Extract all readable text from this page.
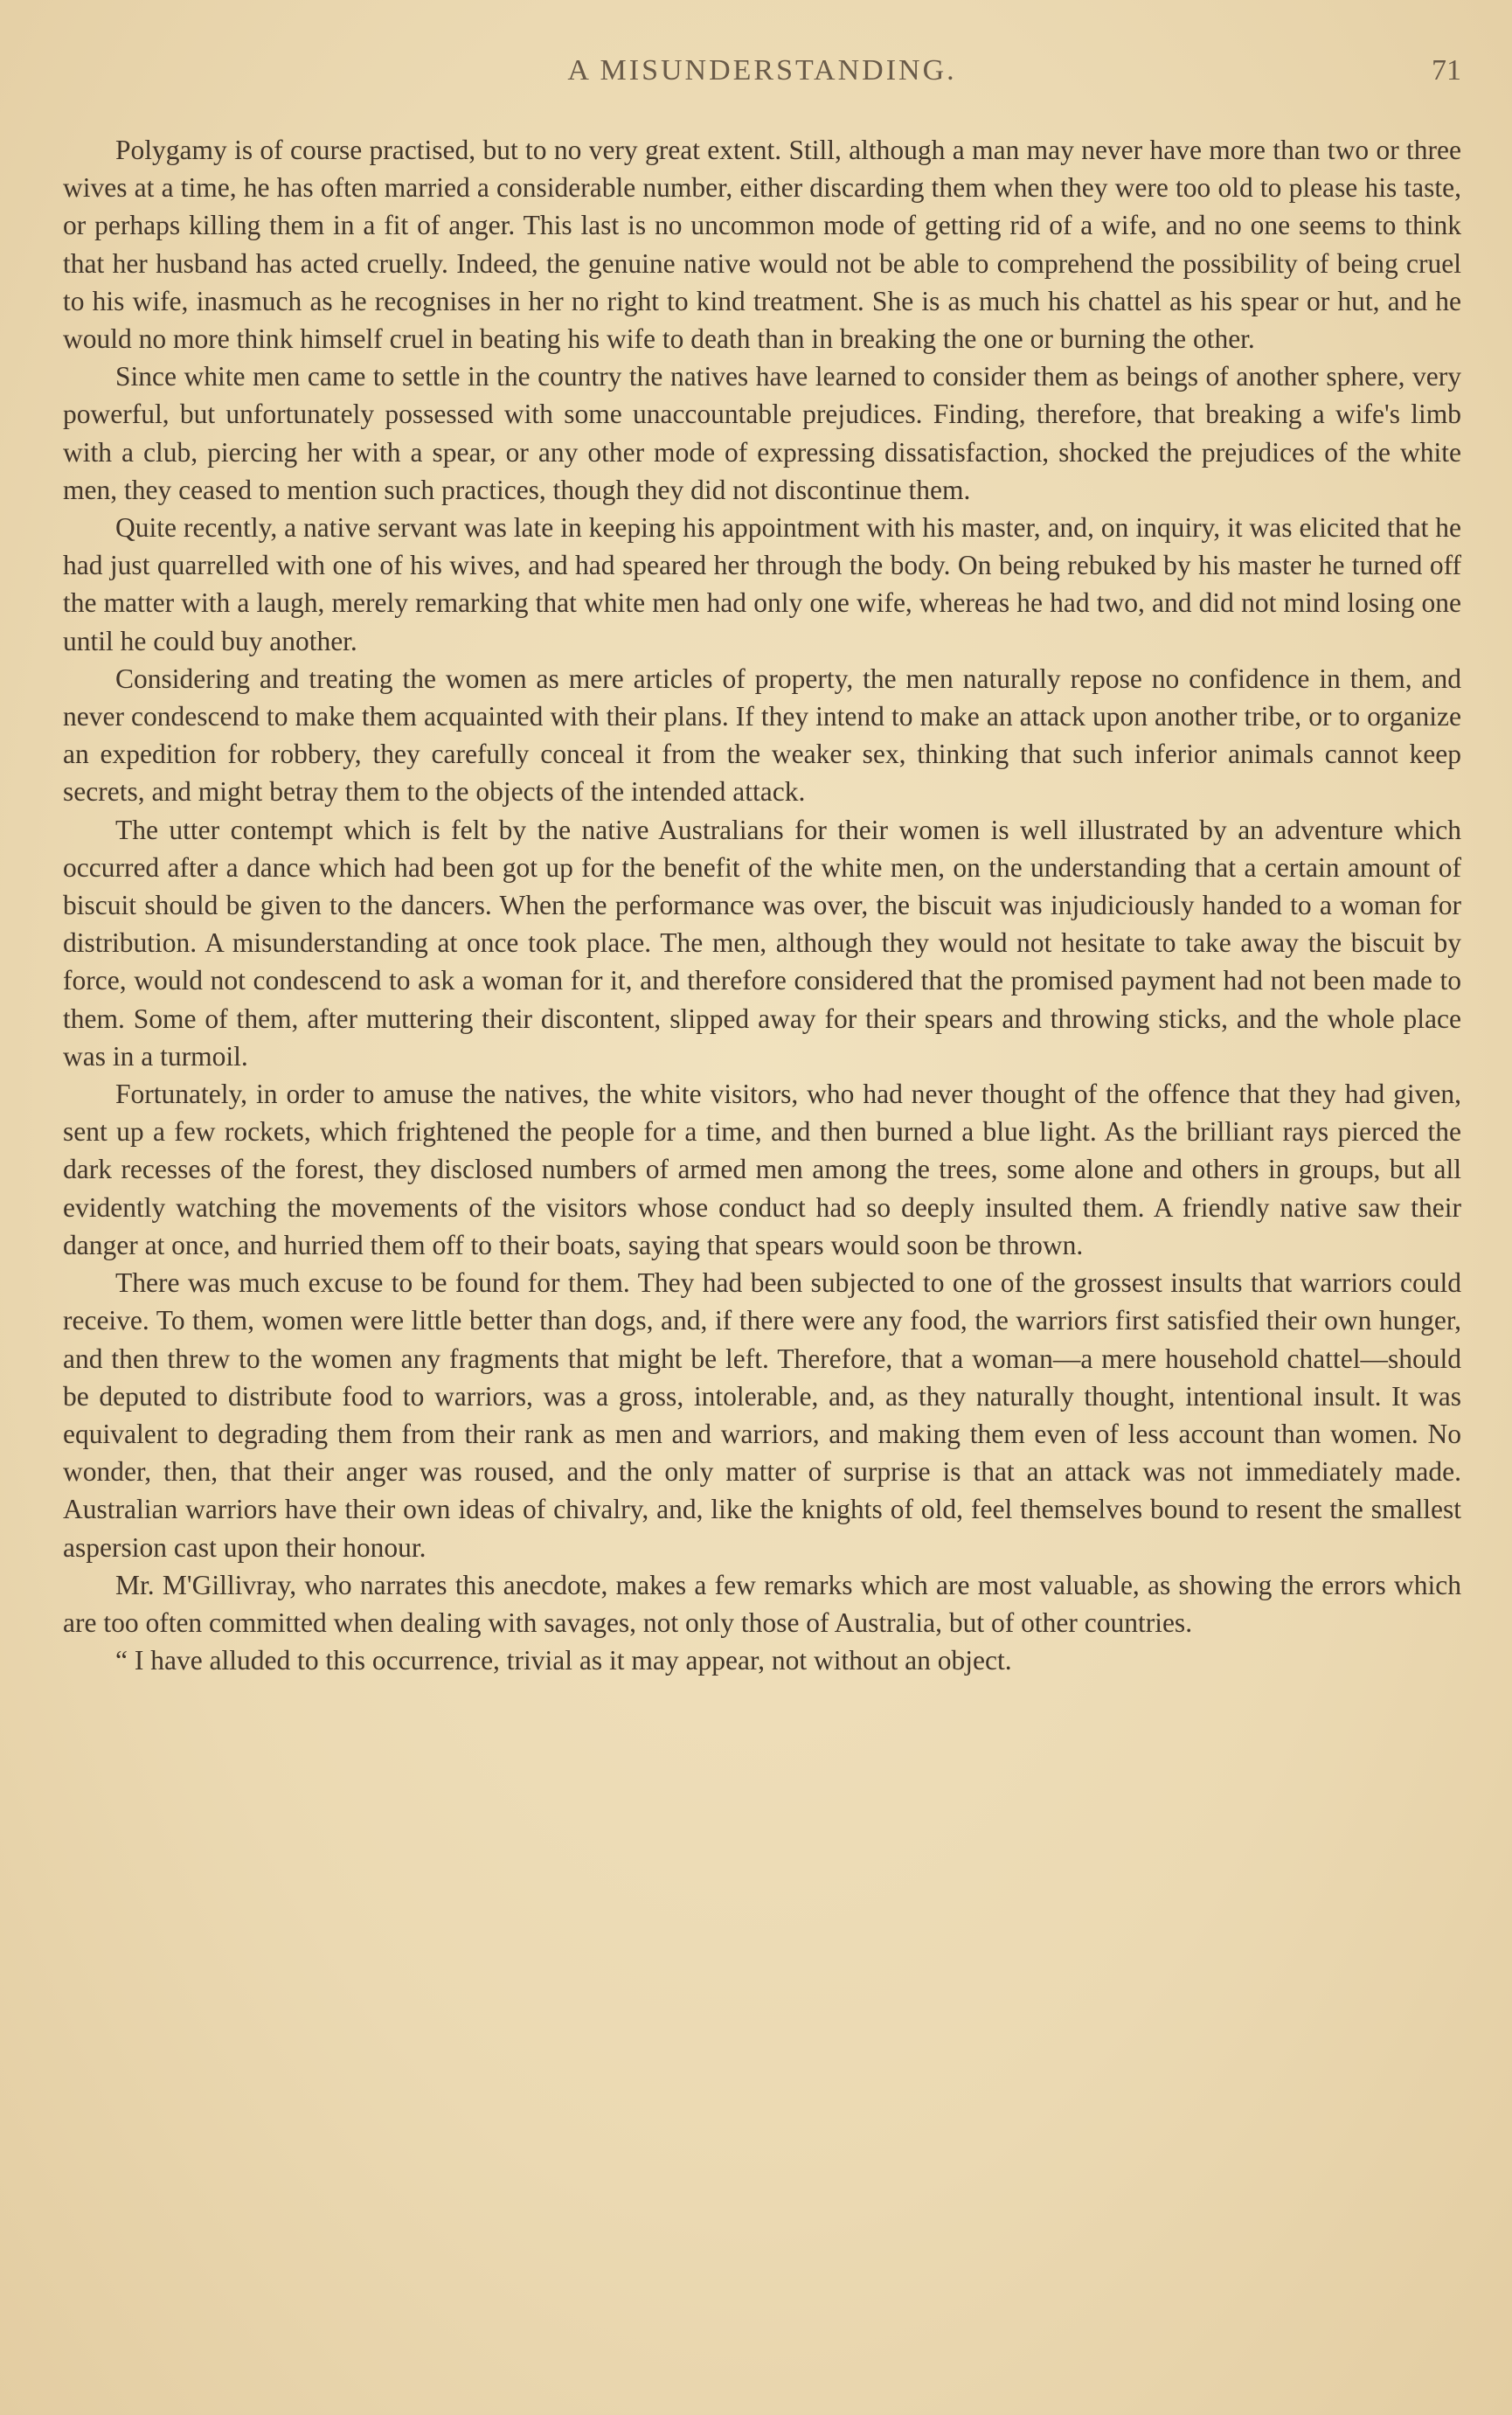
A MISUNDERSTANDING.	71

Polygamy is of course practised, but to no very great extent. Still, although a man may never have more than two or three wives at a time, he has often married a considerable number, either discarding them when they were too old to please his taste, or perhaps killing them in a fit of anger. This last is no uncommon mode of getting rid of a wife, and no one seems to think that her husband has acted cruelly. Indeed, the genuine native would not be able to comprehend the possibility of being cruel to his wife, inasmuch as he recognises in her no right to kind treatment. She is as much his chattel as his spear or hut, and he would no more think himself cruel in beating his wife to death than in breaking the one or burning the other.

Since white men came to settle in the country the natives have learned to consider them as beings of another sphere, very powerful, but unfortunately possessed with some unaccountable prejudices. Finding, therefore, that breaking a wife's limb with a club, piercing her with a spear, or any other mode of expressing dissatisfaction, shocked the prejudices of the white men, they ceased to mention such practices, though they did not discontinue them.

Quite recently, a native servant was late in keeping his appointment with his master, and, on inquiry, it was elicited that he had just quarrelled with one of his wives, and had speared her through the body. On being rebuked by his master he turned off the matter with a laugh, merely remarking that white men had only one wife, whereas he had two, and did not mind losing one until he could buy another.

Considering and treating the women as mere articles of property, the men naturally repose no confidence in them, and never condescend to make them acquainted with their plans. If they intend to make an attack upon another tribe, or to organize an expedition for robbery, they carefully conceal it from the weaker sex, thinking that such inferior animals cannot keep secrets, and might betray them to the objects of the intended attack.

The utter contempt which is felt by the native Australians for their women is well illustrated by an adventure which occurred after a dance which had been got up for the benefit of the white men, on the understanding that a certain amount of biscuit should be given to the dancers. When the performance was over, the biscuit was injudiciously handed to a woman for distribution. A misunderstanding at once took place. The men, although they would not hesitate to take away the biscuit by force, would not condescend to ask a woman for it, and therefore considered that the promised payment had not been made to them. Some of them, after muttering their discontent, slipped away for their spears and throwing sticks, and the whole place was in a turmoil.

Fortunately, in order to amuse the natives, the white visitors, who had never thought of the offence that they had given, sent up a few rockets, which frightened the people for a time, and then burned a blue light. As the brilliant rays pierced the dark recesses of the forest, they disclosed numbers of armed men among the trees, some alone and others in groups, but all evidently watching the movements of the visitors whose conduct had so deeply insulted them. A friendly native saw their danger at once, and hurried them off to their boats, saying that spears would soon be thrown.

There was much excuse to be found for them. They had been subjected to one of the grossest insults that warriors could receive. To them, women were little better than dogs, and, if there were any food, the warriors first satisfied their own hunger, and then threw to the women any fragments that might be left. Therefore, that a woman—a mere household chattel—should be deputed to distribute food to warriors, was a gross, intolerable, and, as they naturally thought, intentional insult. It was equivalent to degrading them from their rank as men and warriors, and making them even of less account than women. No wonder, then, that their anger was roused, and the only matter of surprise is that an attack was not immediately made. Australian warriors have their own ideas of chivalry, and, like the knights of old, feel themselves bound to resent the smallest aspersion cast upon their honour.

Mr. M'Gillivray, who narrates this anecdote, makes a few remarks which are most valuable, as showing the errors which are too often committed when dealing with savages, not only those of Australia, but of other countries.

“ I have alluded to this occurrence, trivial as it may appear, not without an object.
